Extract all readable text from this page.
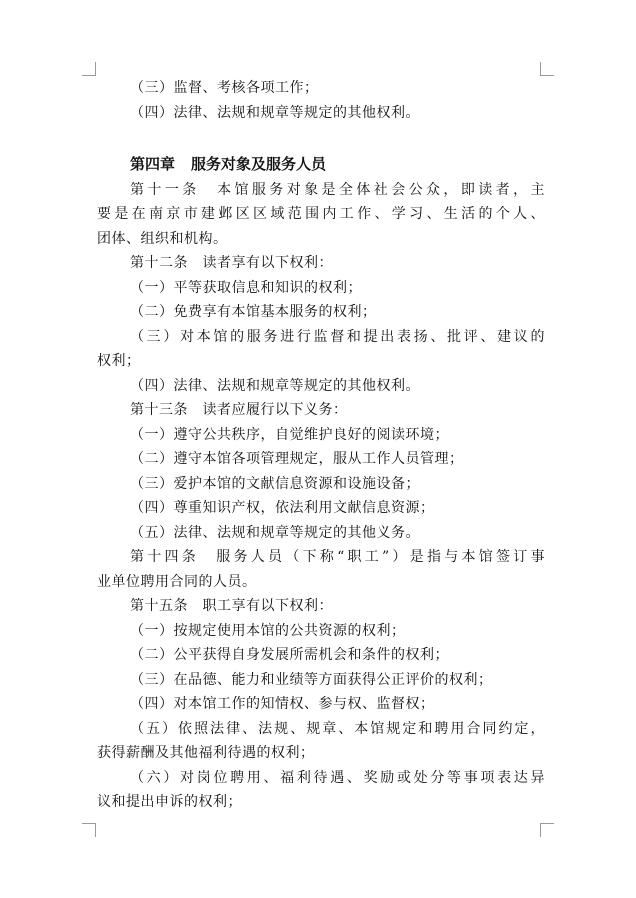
（三）监督、考核各项工作；
（四）法律、法规和规章等规定的其他权利。
第四章 服务对象及服务人员
第十一条　本馆服务对象是全体社会公众，即读者，主
要是在南京市建邺区区域范围内工作、学习、生活的个人、
团体、组织和机构。
第十二条　读者享有以下权利：
（一）平等获取信息和知识的权利；
（二）免费享有本馆基本服务的权利；
（三）对本馆的服务进行监督和提出表扬、批评、建议的
权利；
（四）法律、法规和规章等规定的其他权利。
第十三条　读者应履行以下义务：
（一）遵守公共秩序，自觉维护良好的阅读环境；
（二）遵守本馆各项管理规定，服从工作人员管理；
（三）爱护本馆的文献信息资源和设施设备；
（四）尊重知识产权，依法利用文献信息资源；
（五）法律、法规和规章等规定的其他义务。
第十四条　服务人员（下称“职工”）是指与本馆签订事
业单位聘用合同的人员。
第十五条　职工享有以下权利：
（一）按规定使用本馆的公共资源的权利；
（二）公平获得自身发展所需机会和条件的权利；
（三）在品德、能力和业绩等方面获得公正评价的权利；
（四）对本馆工作的知情权、参与权、监督权；
（五）依照法律、法规、规章、本馆规定和聘用合同约定，
获得薪酬及其他福利待遇的权利；
（六）对岗位聘用、福利待遇、奖励或处分等事项表达异
议和提出申诉的权利；
